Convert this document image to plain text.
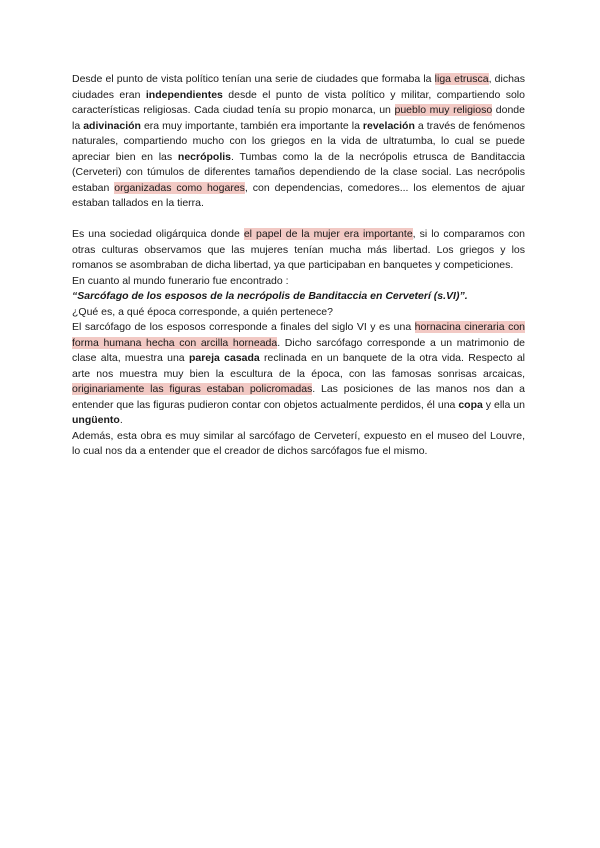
Desde el punto de vista político tenían una serie de ciudades que formaba la liga etrusca, dichas ciudades eran independientes desde el punto de vista político y militar, compartiendo solo características religiosas. Cada ciudad tenía su propio monarca, un pueblo muy religioso donde la adivinación era muy importante, también era importante la revelación a través de fenómenos naturales, compartiendo mucho con los griegos en la vida de ultratumba, lo cual se puede apreciar bien en las necrópolis. Tumbas como la de la necrópolis etrusca de Banditaccia (Cerveteri) con túmulos de diferentes tamaños dependiendo de la clase social. Las necrópolis estaban organizadas como hogares, con dependencias, comedores... los elementos de ajuar estaban tallados en la tierra.

Es una sociedad oligárquica donde el papel de la mujer era importante, si lo comparamos con otras culturas observamos que las mujeres tenían mucha más libertad. Los griegos y los romanos se asombraban de dicha libertad, ya que participaban en banquetes y competiciones.

En cuanto al mundo funerario fue encontrado :

“Sarcófago de los esposos de la necrópolis de Banditaccia en Cerveterí (s.VI)”.

¿Qué es, a qué época corresponde, a quién pertenece?

El sarcófago de los esposos corresponde a finales del siglo VI y es una hornacina cineraria con forma humana hecha con arcilla horneada. Dicho sarcófago corresponde a un matrimonio de clase alta, muestra una pareja casada reclinada en un banquete de la otra vida. Respecto al arte nos muestra muy bien la escultura de la época, con las famosas sonrisas arcaicas, originariamente las figuras estaban policromadas. Las posiciones de las manos nos dan a entender que las figuras pudieron contar con objetos actualmente perdidos, él una copa y ella un ungüento.

Además, esta obra es muy similar al sarcófago de Cerveterí, expuesto en el museo del Louvre, lo cual nos da a entender que el creador de dichos sarcófagos fue el mismo.
